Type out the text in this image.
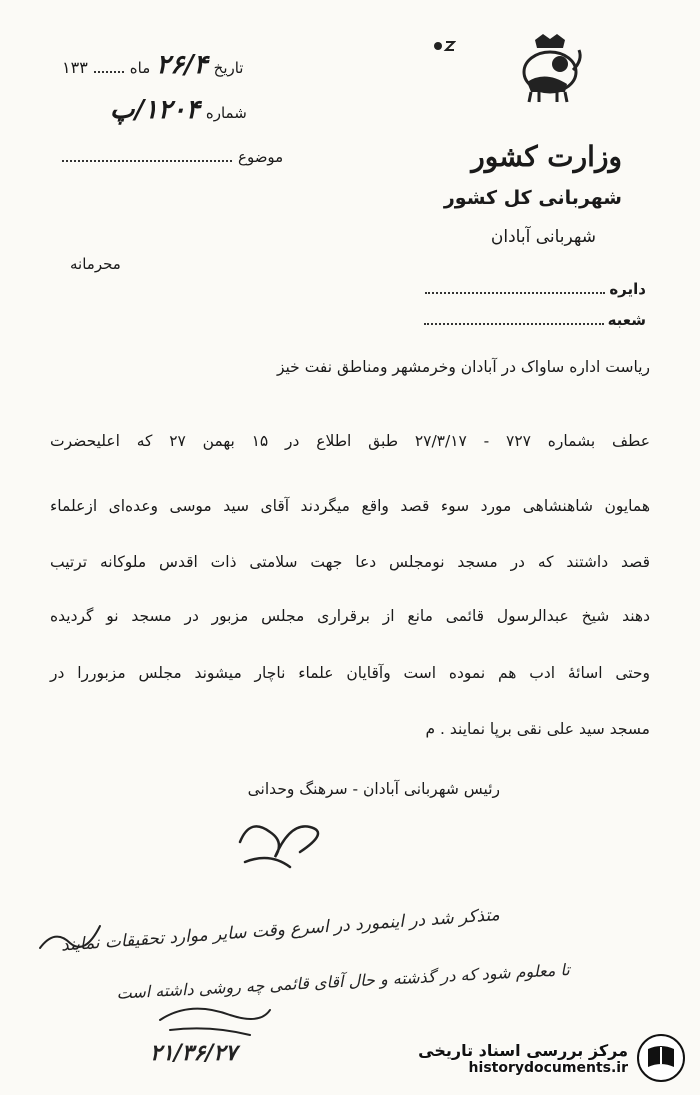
وزارت کشور
شهربانی کل کشور
شهربانی آبادان
دایره
شعبه
تاریخ
۲۶/۴
ماه
۱۳۳
شماره
۱۲۰۴/پ
موضوع
محرمانه
ریاست اداره ساواک در آبادان وخرمشهر ومناطق نفت خیز
عطف بشماره ۷۲۷ - ۲۷/۳/۱۷ طبق اطلاع در ۱۵ بهمن ۲۷ که اعلیحضرت
همایون شاهنشاهی مورد سوء قصد واقع میگردند آقای سید موسی وعده‌ای ازعلماء
قصد داشتند که در مسجد نومجلس دعا جهت سلامتی ذات اقدس ملوکانه ترتیب
دهند شیخ عبدالرسول قائمی مانع از برقراری مجلس مزبور در مسجد نو گردیده
وحتی اسائهٔ ادب هم نموده است وآقایان علماء ناچار میشوند مجلس مزبوررا در
مسجد سید علی نقی برپا نمایند . م
رئیس شهربانی آبادان - سرهنگ وحدانی
متذکر شد در اینمورد در اسرع وقت سایر موارد تحقیقات نمایند
تا معلوم شود که در گذشته و حال آقای قائمی چه روشی داشته است
۲۱/۳۶/۲۷	مرکز بررسی اسناد تاریخی
historydocuments.ir
